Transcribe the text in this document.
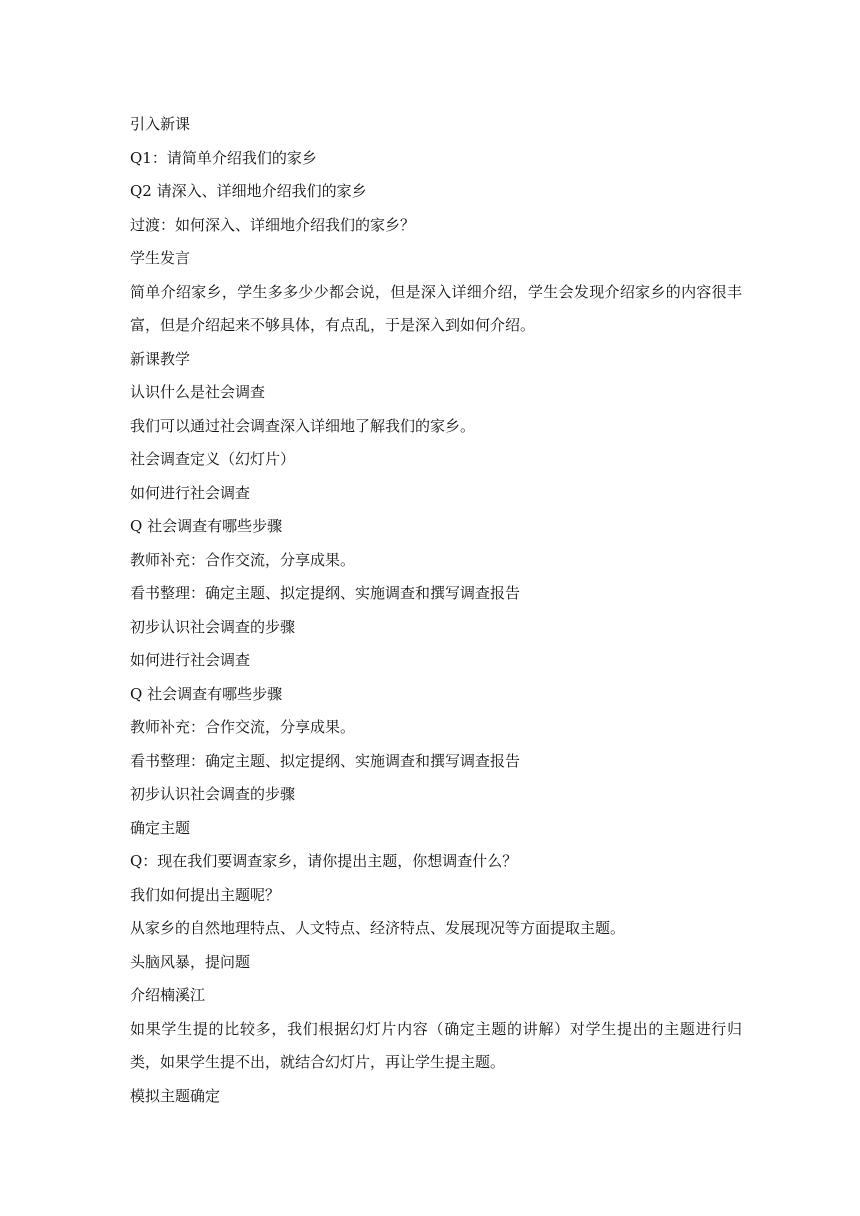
引入新课

Q1：请简单介绍我们的家乡

Q2 请深入、详细地介绍我们的家乡

过渡：如何深入、详细地介绍我们的家乡？

学生发言

简单介绍家乡，学生多多少少都会说，但是深入详细介绍，学生会发现介绍家乡的内容很丰富，但是介绍起来不够具体，有点乱，于是深入到如何介绍。

新课教学

认识什么是社会调查

我们可以通过社会调查深入详细地了解我们的家乡。

社会调查定义（幻灯片）

如何进行社会调查

Q 社会调查有哪些步骤

教师补充：合作交流，分享成果。

看书整理：确定主题、拟定提纲、实施调查和撰写调查报告

初步认识社会调查的步骤

如何进行社会调查

Q 社会调查有哪些步骤

教师补充：合作交流，分享成果。

看书整理：确定主题、拟定提纲、实施调查和撰写调查报告

初步认识社会调查的步骤

确定主题

Q：现在我们要调查家乡，请你提出主题，你想调查什么？

我们如何提出主题呢？

从家乡的自然地理特点、人文特点、经济特点、发展现况等方面提取主题。

头脑风暴，提问题

介绍楠溪江

如果学生提的比较多，我们根据幻灯片内容（确定主题的讲解）对学生提出的主题进行归类，如果学生提不出，就结合幻灯片，再让学生提主题。

模拟主题确定
